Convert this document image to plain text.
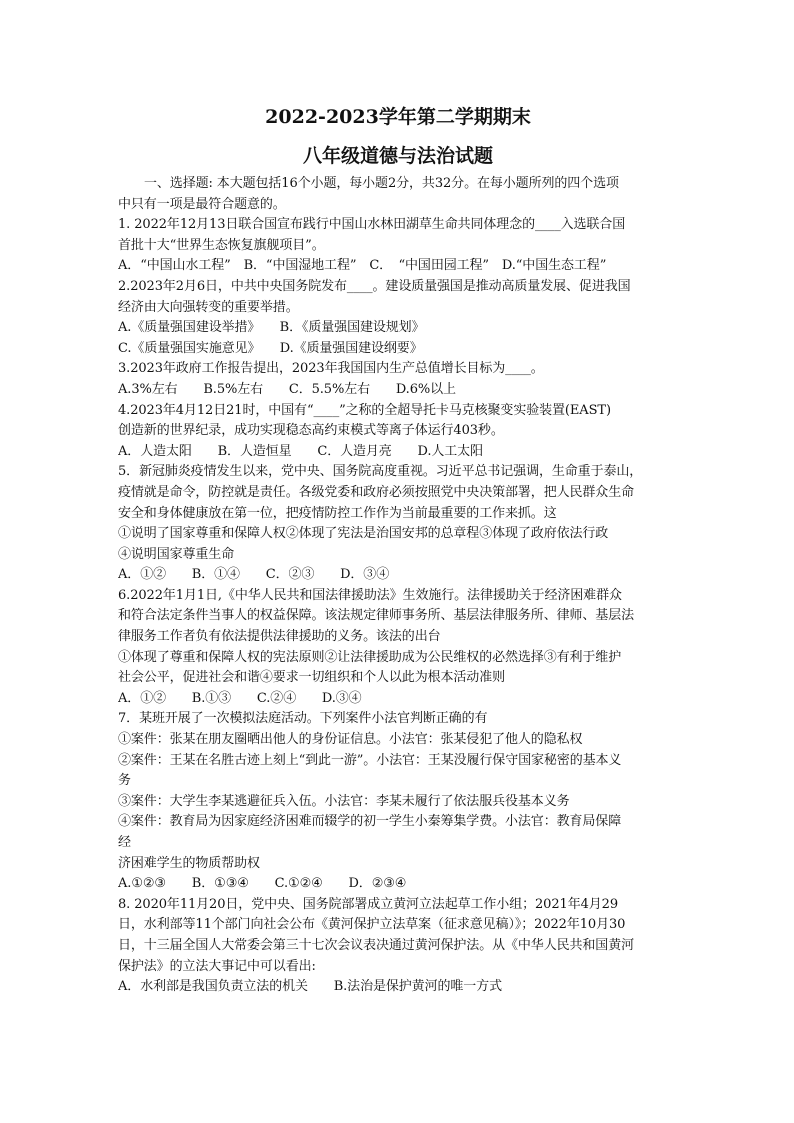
2022-2023学年第二学期期末
八年级道德与法治试题

一、选择题: 本大题包括16个小题，每小题2分，共32分。在每小题所列的四个选项

中只有一项是最符合题意的。

1. 2022年12月13日联合国宣布践行中国山水林田湖草生命共同体理念的____入选联合国

首批十大“世界生态恢复旗舰项目”。

A．“中国山水工程”　B．“中国湿地工程”　C．　“中国田园工程”　D.“中国生态工程”

2.2023年2月6日，中共中央国务院发布____。建设质量强国是推动高质量发展、促进我国

经济由大向强转变的重要举措。

A.《质量强国建设举措》　　B．《质量强国建设规划》

C.《质量强国实施意见》　　D.《质量强国建设纲要》

3.2023年政府工作报告提出，2023年我国国内生产总值增长目标为____。

A.3%左右　　B.5%左右　　C．5.5%左右　　D.6%以上

4.2023年4月12日21时，中国有“____”之称的全超导托卡马克核聚变实验装置(EAST)

创造新的世界纪录，成功实现稳态高约束模式等离子体运行403秒。

A．人造太阳　　B．人造恒星　　C．人造月亮　　D.人工太阳

5．新冠肺炎疫情发生以来，党中央、国务院高度重视。习近平总书记强调，生命重于泰山，

疫情就是命令，防控就是责任。各级党委和政府必须按照党中央决策部署，把人民群众生命

安全和身体健康放在第一位，把疫情防控工作作为当前最重要的工作来抓。这

①说明了国家尊重和保障人权②体现了宪法是治国安邦的总章程③体现了政府依法行政

④说明国家尊重生命

A．①②　　B．①④　　C．②③　　D．③④

6.2022年1月1日,《中华人民共和国法律援助法》生效施行。法律援助关于经济困难群众

和符合法定条件当事人的权益保障。该法规定律师事务所、基层法律服务所、律师、基层法

律服务工作者负有依法提供法律援助的义务。该法的出台

①体现了尊重和保障人权的宪法原则②让法律援助成为公民维权的必然选择③有利于维护

社会公平，促进社会和谐④要求一切组织和个人以此为根本活动准则

A．①②　　B.①③　　C.②④　　D.③④

7．某班开展了一次模拟法庭活动。下列案件小法官判断正确的有

①案件：张某在朋友圈晒出他人的身份证信息。小法官：张某侵犯了他人的隐私权

②案件：王某在名胜古迹上刻上“到此一游”。小法官：王某没履行保守国家秘密的基本义

务

③案件：大学生李某逃避征兵入伍。小法官：李某未履行了依法服兵役基本义务

④案件：教育局为因家庭经济困难而辍学的初一学生小秦筹集学费。小法官：教育局保障

经

济困难学生的物质帮助权

A.①②③　　B．①③④　　C.①②④　　D．②③④

8. 2020年11月20日，党中央、国务院部署成立黄河立法起草工作小组；2021年4月29

日，水利部等11个部门向社会公布《黄河保护立法草案（征求意见稿）》；2022年10月30

日，十三届全国人大常委会第三十七次会议表决通过黄河保护法。从《中华人民共和国黄河

保护法》的立法大事记中可以看出:

A．水利部是我国负责立法的机关　　B.法治是保护黄河的唯一方式
